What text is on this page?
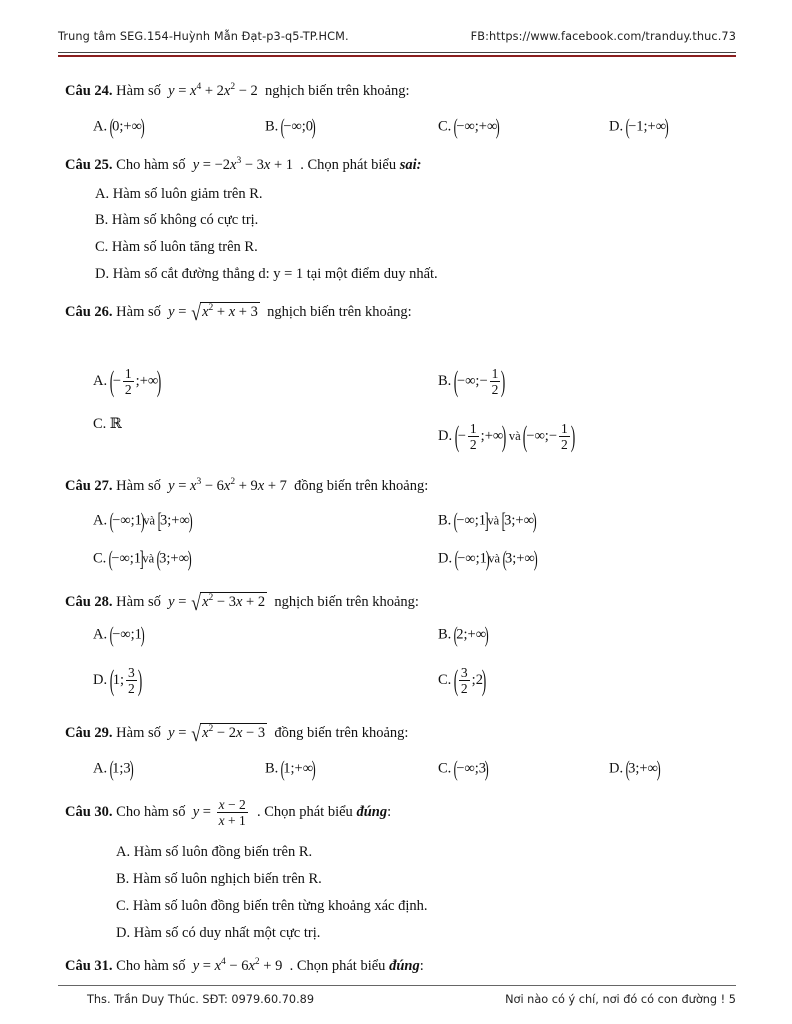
Trung tâm SEG.154-Huỳnh Mẫn Đạt-p3-q5-TP.HCM.	FB:https://www.facebook.com/tranduy.thuc.73
Câu 24. Hàm số  $y = x^4 + 2x^2 - 2$  nghịch biến trên khoảng:
A. (0;+∞)	B. (−∞;0)	C. (−∞;+∞)	D. (−1;+∞)
Câu 25. Cho hàm số  $y = -2x^3 - 3x + 1$  . Chọn phát biểu sai:
A. Hàm số luôn giảm trên R.
B. Hàm số không có cực trị.
C. Hàm số luôn tăng trên R.
D. Hàm số cắt đường thẳng d: y = 1 tại một điểm duy nhất.
Câu 26. Hàm số  $y = √x^2 + x + 3$ nghịch biến trên khoảng:
A. (− $\frac{1}{2}$ ;+∞)	B. (−∞;− $\frac{1}{2}$ )
C. ℝ
D. (− $\frac{1}{2}$ ;+∞) và (−∞;− $\frac{1}{2}$ )
Câu 27. Hàm số  $y = x^3 - 6x^2 + 9x + 7$  đồng biến trên khoảng:
A. (−∞;1)và [3;+∞)	B. (−∞;1]và [3;+∞)
C. (−∞;1]và (3;+∞)	D. (−∞;1)và (3;+∞)
Câu 28. Hàm số  $y = √x^2 - 3x + 2$ nghịch biến trên khoảng:
A. (−∞;1)	B. (2;+∞)
D. (1; $\frac{3}{2}$ )	C. ( $\frac{3}{2}$ ;2)
Câu 29. Hàm số  $y = √x^2 - 2x - 3$ đồng biến trên khoảng:
A. (1;3)	B. (1;+∞)	C. (−∞;3)	D. (3;+∞)
Câu 30. Cho hàm số  $y = \frac{x - 2}{x + 1}$ . Chọn phát biểu đúng:
A. Hàm số luôn đồng biến trên R.
B. Hàm số luôn nghịch biến trên R.
C. Hàm số luôn đồng biến trên từng khoảng xác định.
D. Hàm số có duy nhất một cực trị.
Câu 31. Cho hàm số  $y = x^4 - 6x^2 + 9$  . Chọn phát biểu đúng:
Ths. Trần Duy Thúc. SĐT: 0979.60.70.89	Nơi nào có ý chí, nơi đó có con đường ! 5
